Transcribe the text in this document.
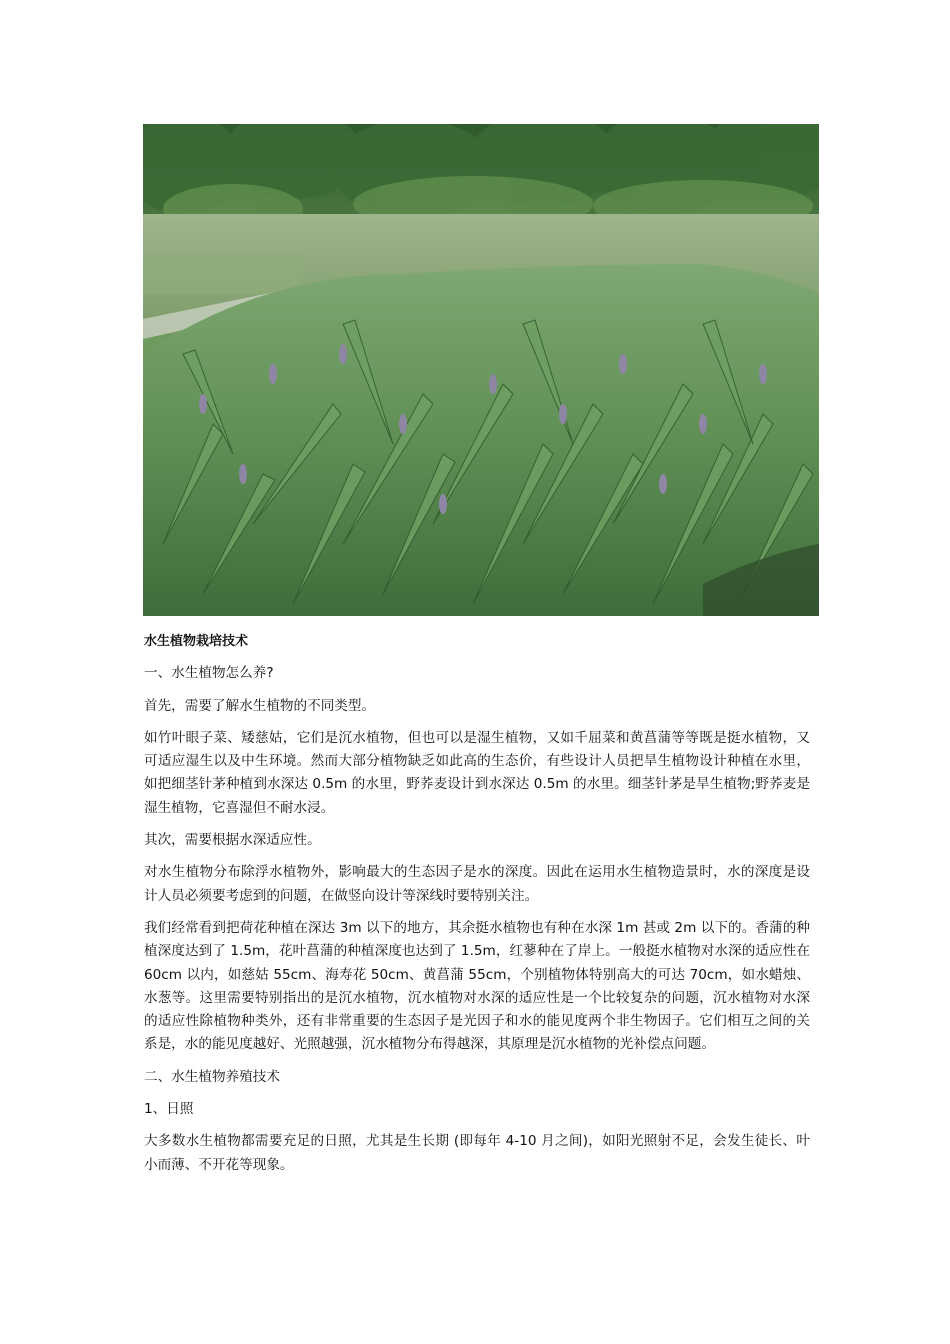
水生植物栽培技术

一、水生植物怎么养?

首先，需要了解水生植物的不同类型。

如竹叶眼子菜、矮慈姑，它们是沉水植物，但也可以是湿生植物，又如千屈菜和黄菖蒲等等既是挺水植物，又可适应湿生以及中生环境。然而大部分植物缺乏如此高的生态价，有些设计人员把旱生植物设计种植在水里，如把细茎针茅种植到水深达 0.5m 的水里，野荞麦设计到水深达 0.5m 的水里。细茎针茅是旱生植物;野荞麦是湿生植物，它喜湿但不耐水浸。

其次，需要根据水深适应性。

对水生植物分布除浮水植物外，影响最大的生态因子是水的深度。因此在运用水生植物造景时，水的深度是设计人员必须要考虑到的问题，在做竖向设计等深线时要特别关注。

我们经常看到把荷花种植在深达 3m 以下的地方，其余挺水植物也有种在水深 1m 甚或 2m 以下的。香蒲的种植深度达到了 1.5m，花叶菖蒲的种植深度也达到了 1.5m，红蓼种在了岸上。一般挺水植物对水深的适应性在 60cm 以内，如慈姑 55cm、海寿花 50cm、黄菖蒲 55cm，个别植物体特别高大的可达 70cm，如水蜡烛、水葱等。这里需要特别指出的是沉水植物，沉水植物对水深的适应性是一个比较复杂的问题，沉水植物对水深的适应性除植物种类外，还有非常重要的生态因子是光因子和水的能见度两个非生物因子。它们相互之间的关系是，水的能见度越好、光照越强，沉水植物分布得越深，其原理是沉水植物的光补偿点问题。

二、水生植物养殖技术

1、日照

大多数水生植物都需要充足的日照，尤其是生长期 (即每年 4-10 月之间)，如阳光照射不足，会发生徒长、叶小而薄、不开花等现象。
